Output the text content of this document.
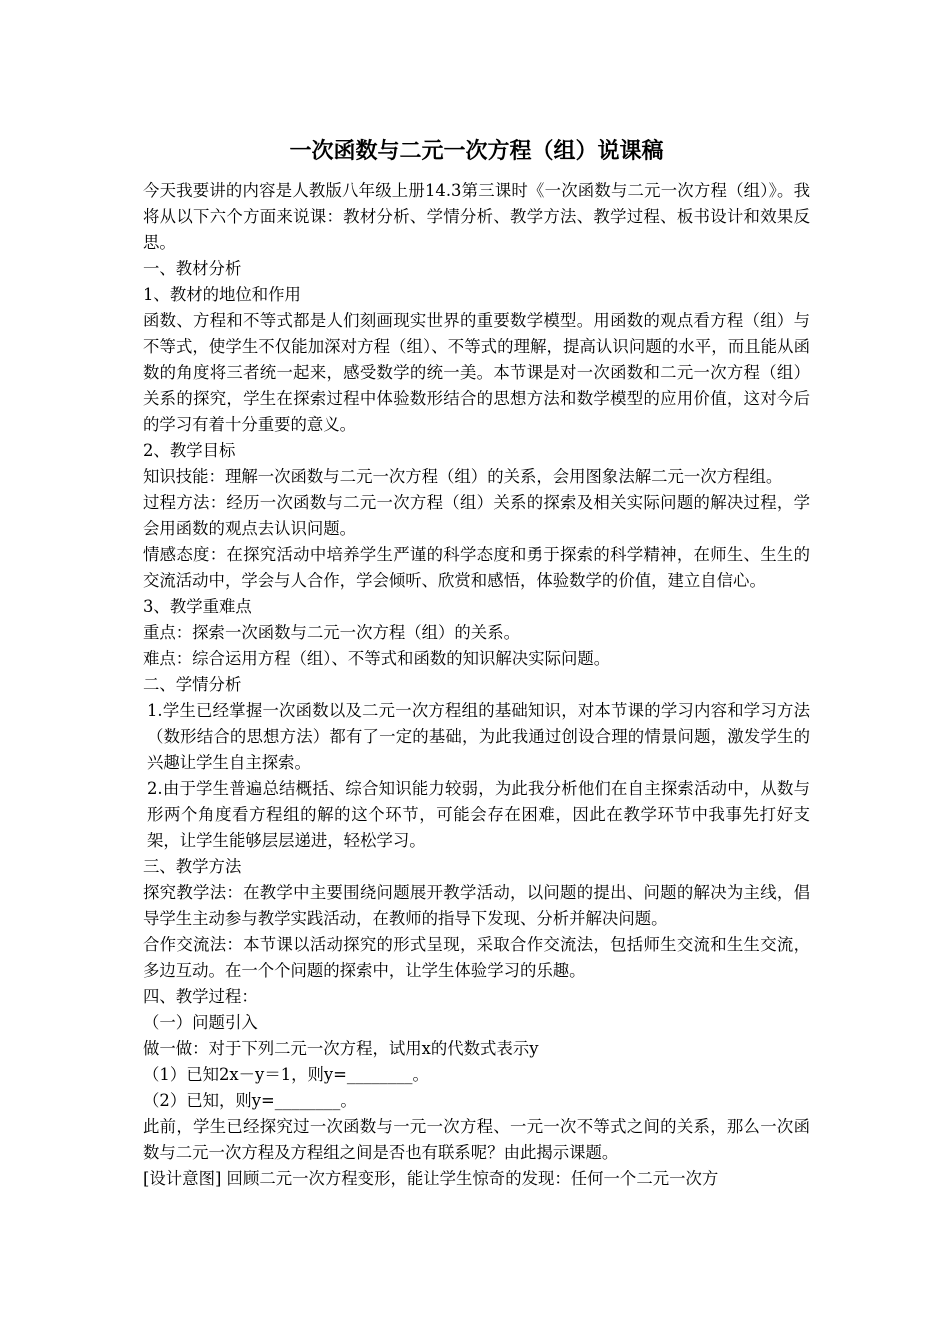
一次函数与二元一次方程（组）说课稿

今天我要讲的内容是人教版八年级上册14.3第三课时《一次函数与二元一次方程（组）》。我将从以下六个方面来说课：教材分析、学情分析、教学方法、教学过程、板书设计和效果反思。

一、教材分析

1、教材的地位和作用

函数、方程和不等式都是人们刻画现实世界的重要数学模型。用函数的观点看方程（组）与不等式，使学生不仅能加深对方程（组）、不等式的理解，提高认识问题的水平，而且能从函数的角度将三者统一起来，感受数学的统一美。本节课是对一次函数和二元一次方程（组）关系的探究，学生在探索过程中体验数形结合的思想方法和数学模型的应用价值，这对今后的学习有着十分重要的意义。

2、教学目标

知识技能：理解一次函数与二元一次方程（组）的关系，会用图象法解二元一次方程组。

过程方法：经历一次函数与二元一次方程（组）关系的探索及相关实际问题的解决过程，学会用函数的观点去认识问题。

情感态度：在探究活动中培养学生严谨的科学态度和勇于探索的科学精神，在师生、生生的交流活动中，学会与人合作，学会倾听、欣赏和感悟，体验数学的价值，建立自信心。

3、教学重难点

重点：探索一次函数与二元一次方程（组）的关系。

难点：综合运用方程（组）、不等式和函数的知识解决实际问题。

二、学情分析

1.学生已经掌握一次函数以及二元一次方程组的基础知识，对本节课的学习内容和学习方法（数形结合的思想方法）都有了一定的基础，为此我通过创设合理的情景问题，激发学生的兴趣让学生自主探索。

2.由于学生普遍总结概括、综合知识能力较弱，为此我分析他们在自主探索活动中，从数与形两个角度看方程组的解的这个环节，可能会存在困难，因此在教学环节中我事先打好支架，让学生能够层层递进，轻松学习。

三、教学方法

探究教学法：在教学中主要围绕问题展开教学活动，以问题的提出、问题的解决为主线，倡导学生主动参与教学实践活动，在教师的指导下发现、分析并解决问题。

合作交流法：本节课以活动探究的形式呈现，采取合作交流法，包括师生交流和生生交流，多边互动。在一个个问题的探索中，让学生体验学习的乐趣。

四、教学过程：

（一）问题引入

做一做：对于下列二元一次方程，试用x的代数式表示y

（1）已知2x－y＝1，则y=________。

（2）已知，则y=________。

此前，学生已经探究过一次函数与一元一次方程、一元一次不等式之间的关系，那么一次函数与二元一次方程及方程组之间是否也有联系呢？由此揭示课题。

[设计意图] 回顾二元一次方程变形，能让学生惊奇的发现：任何一个二元一次方
